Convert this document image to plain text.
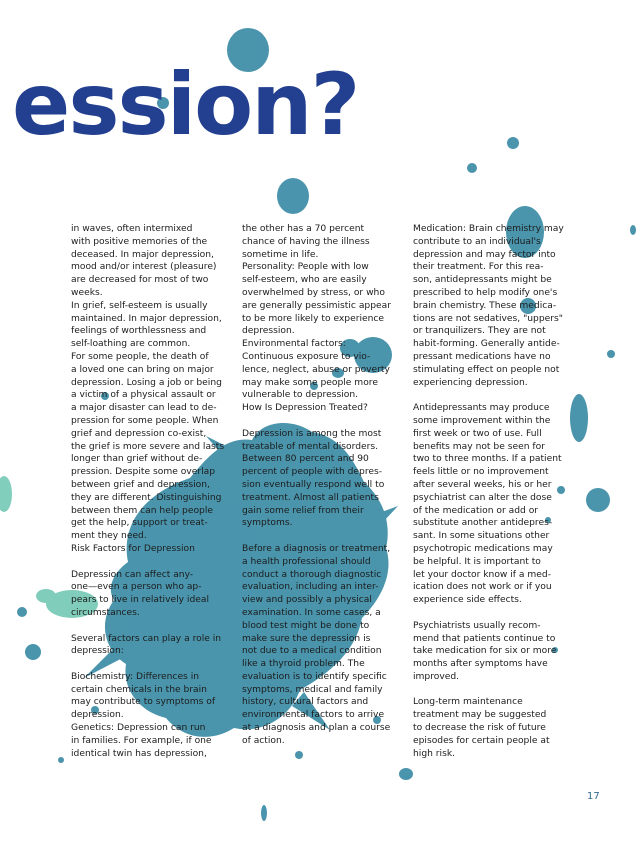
ession?

in waves, often intermixed
with positive memories of the
deceased. In major depression,
mood and/or interest (pleasure)
are decreased for most of two
weeks.

In grief, self-esteem is usually
maintained. In major depression,
feelings of worthlessness and
self-loathing are common.

For some people, the death of
a loved one can bring on major
depression. Losing a job or being
a victim of a physical assault or
a major disaster can lead to de-
pression for some people. When
grief and depression co-exist,
the grief is more severe and lasts
longer than grief without de-
pression. Despite some overlap
between grief and depression,
they are different. Distinguishing
between them can help people
get the help, support or treat-
ment they need.

Risk Factors for Depression

Depression can affect any-
one—even a person who ap-
pears to live in relatively ideal
circumstances.

Several factors can play a role in
depression:

Biochemistry: Differences in
certain chemicals in the brain
may contribute to symptoms of
depression.

Genetics: Depression can run
in families. For example, if one
identical twin has depression,

the other has a 70 percent
chance of having the illness
sometime in life.

Personality: People with low
self-esteem, who are easily
overwhelmed by stress, or who
are generally pessimistic appear
to be more likely to experience
depression.

Environmental factors:
Continuous exposure to vio-
lence, neglect, abuse or poverty
may make some people more
vulnerable to depression.

How Is Depression Treated?

Depression is among the most
treatable of mental disorders.
Between 80 percent and 90
percent of people with depres-
sion eventually respond well to
treatment. Almost all patients
gain some relief from their
symptoms.

Before a diagnosis or treatment,
a health professional should
conduct a thorough diagnostic
evaluation, including an inter-
view and possibly a physical
examination. In some cases, a
blood test might be done to
make sure the depression is
not due to a medical condition
like a thyroid problem. The
evaluation is to identify specific
symptoms, medical and family
history, cultural factors and
environmental factors to arrive
at a diagnosis and plan a course
of action.

Medication: Brain chemistry may
contribute to an individual's
depression and may factor into
their treatment. For this rea-
son, antidepressants might be
prescribed to help modify one's
brain chemistry. These medica-
tions are not sedatives, "uppers"
or tranquilizers. They are not
habit-forming. Generally antide-
pressant medications have no
stimulating effect on people not
experiencing depression.

Antidepressants may produce
some improvement within the
first week or two of use. Full
benefits may not be seen for
two to three months. If a patient
feels little or no improvement
after several weeks, his or her
psychiatrist can alter the dose
of the medication or add or
substitute another antidepres-
sant. In some situations other
psychotropic medications may
be helpful. It is important to
let your doctor know if a med-
ication does not work or if you
experience side effects.

Psychiatrists usually recom-
mend that patients continue to
take medication for six or more
months after symptoms have
improved.

Long-term maintenance
treatment may be suggested
to decrease the risk of future
episodes for certain people at
high risk.

17
